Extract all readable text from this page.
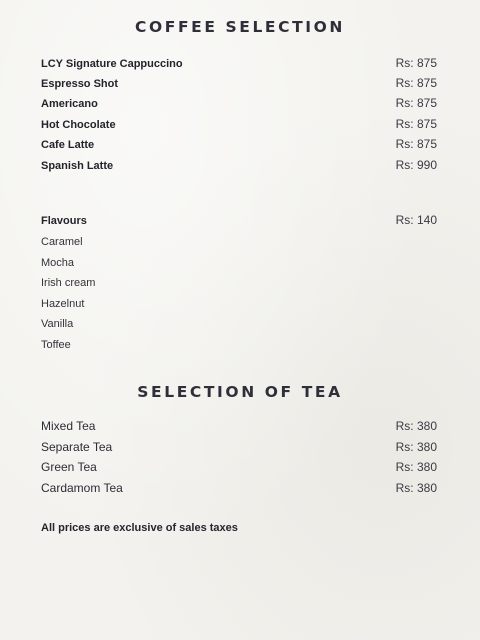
COFFEE SELECTION
LCY Signature Cappuccino	Rs: 875
Espresso Shot	Rs: 875
Americano	Rs: 875
Hot Chocolate	Rs: 875
Cafe Latte	Rs: 875
Spanish Latte	Rs: 990
Flavours	Rs: 140
Caramel
Mocha
Irish cream
Hazelnut
Vanilla
Toffee
SELECTION OF TEA
Mixed Tea	Rs: 380
Separate Tea	Rs: 380
Green Tea	Rs: 380
Cardamom Tea	Rs: 380
All prices are exclusive of sales taxes
